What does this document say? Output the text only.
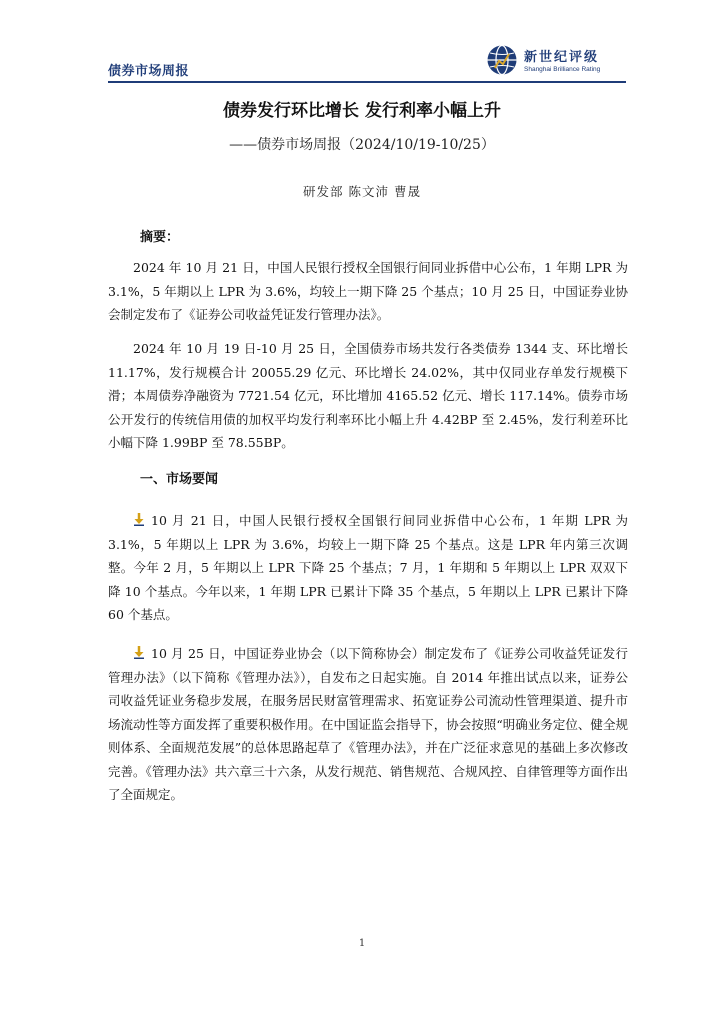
债券市场周报
新世纪评级
Shanghai Brilliance Rating
债券发行环比增长 发行利率小幅上升
——债券市场周报（2024/10/19-10/25）
研发部 陈文沛 曹晟
摘要：
2024 年 10 月 21 日，中国人民银行授权全国银行间同业拆借中心公布，1 年期 LPR 为 3.1%，5 年期以上 LPR 为 3.6%，均较上一期下降 25 个基点；10 月 25 日，中国证券业协会制定发布了《证券公司收益凭证发行管理办法》。
2024 年 10 月 19 日-10 月 25 日，全国债券市场共发行各类债券 1344 支、环比增长 11.17%，发行规模合计 20055.29 亿元、环比增长 24.02%，其中仅同业存单发行规模下滑；本周债券净融资为 7721.54 亿元，环比增加 4165.52 亿元、增长 117.14%。债券市场公开发行的传统信用债的加权平均发行利率环比小幅上升 4.42BP 至 2.45%，发行利差环比小幅下降 1.99BP 至 78.55BP。
一、市场要闻
10 月 21 日，中国人民银行授权全国银行间同业拆借中心公布，1 年期 LPR 为 3.1%，5 年期以上 LPR 为 3.6%，均较上一期下降 25 个基点。这是 LPR 年内第三次调整。今年 2 月，5 年期以上 LPR 下降 25 个基点；7 月，1 年期和 5 年期以上 LPR 双双下降 10 个基点。今年以来，1 年期 LPR 已累计下降 35 个基点，5 年期以上 LPR 已累计下降 60 个基点。
10 月 25 日，中国证券业协会（以下简称协会）制定发布了《证券公司收益凭证发行管理办法》（以下简称《管理办法》），自发布之日起实施。自 2014 年推出试点以来，证券公司收益凭证业务稳步发展，在服务居民财富管理需求、拓宽证券公司流动性管理渠道、提升市场流动性等方面发挥了重要积极作用。在中国证监会指导下，协会按照“明确业务定位、健全规则体系、全面规范发展”的总体思路起草了《管理办法》，并在广泛征求意见的基础上多次修改完善。《管理办法》共六章三十六条，从发行规范、销售规范、合规风控、自律管理等方面作出了全面规定。
1
